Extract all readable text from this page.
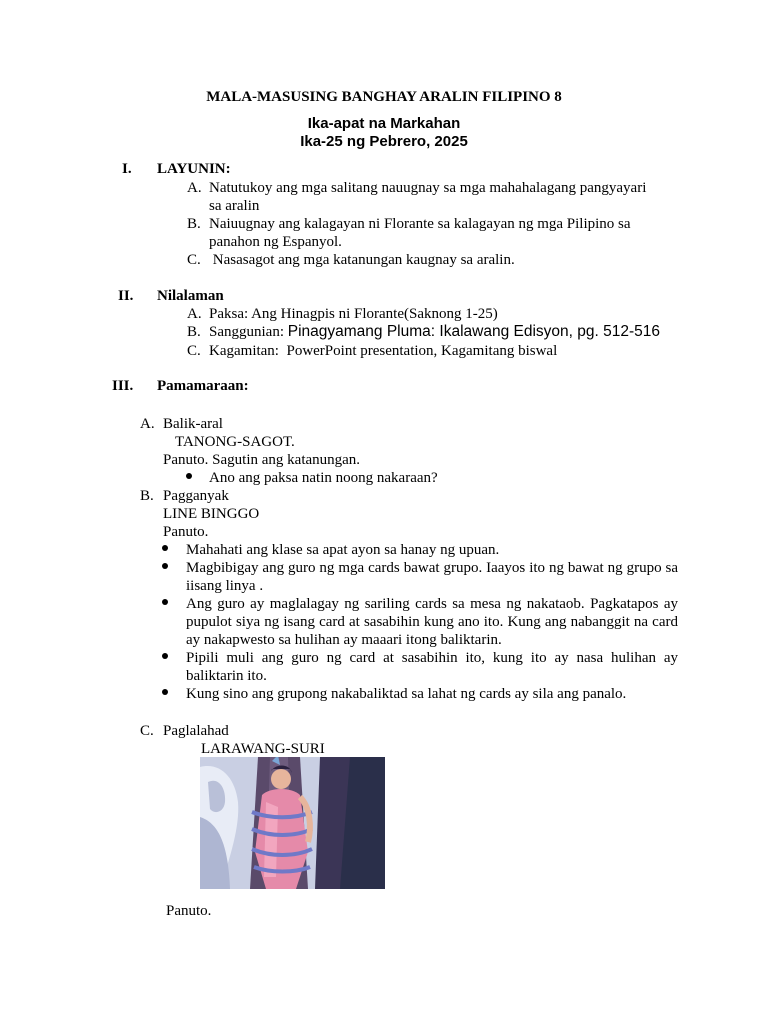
MALA-MASUSING BANGHAY ARALIN FILIPINO 8
Ika-apat na Markahan
Ika-25 ng Pebrero, 2025
I. LAYUNIN:
A. Natutukoy ang mga salitang nauugnay sa mga mahahalagang pangyayari
sa aralin
B. Naiuugnay ang kalagayan ni Florante sa kalagayan ng mga Pilipino sa
panahon ng Espanyol.
C. Nasasagot ang mga katanungan kaugnay sa aralin.
II. Nilalaman
A. Paksa: Ang Hinagpis ni Florante(Saknong 1-25)
B. Sanggunian: Pinagyamang Pluma: Ikalawang Edisyon, pg. 512-516
C. Kagamitan:  PowerPoint presentation, Kagamitang biswal
III. Pamamaraan:
A. Balik-aral
TANONG-SAGOT.
Panuto. Sagutin ang katanungan.
Ano ang paksa natin noong nakaraan?
B. Pagganyak
LINE BINGGO
Panuto.
Mahahati ang klase sa apat ayon sa hanay ng upuan.
Magbibigay ang guro ng mga cards bawat grupo. Iaayos ito ng bawat ng grupo sa iisang linya .
Ang guro ay maglalagay ng sariling cards sa mesa ng nakataob. Pagkatapos ay pupulot siya ng isang card at sasabihin kung ano ito. Kung ang nabanggit na card ay nakapwesto sa hulihan ay maaari itong baliktarin.
Pipili muli ang guro ng card at sasabihin ito, kung ito ay nasa hulihan ay baliktarin ito.
Kung sino ang grupong nakabaliktad sa lahat ng cards ay sila ang panalo.
C. Paglalahad
LARAWANG-SURI
Panuto.
